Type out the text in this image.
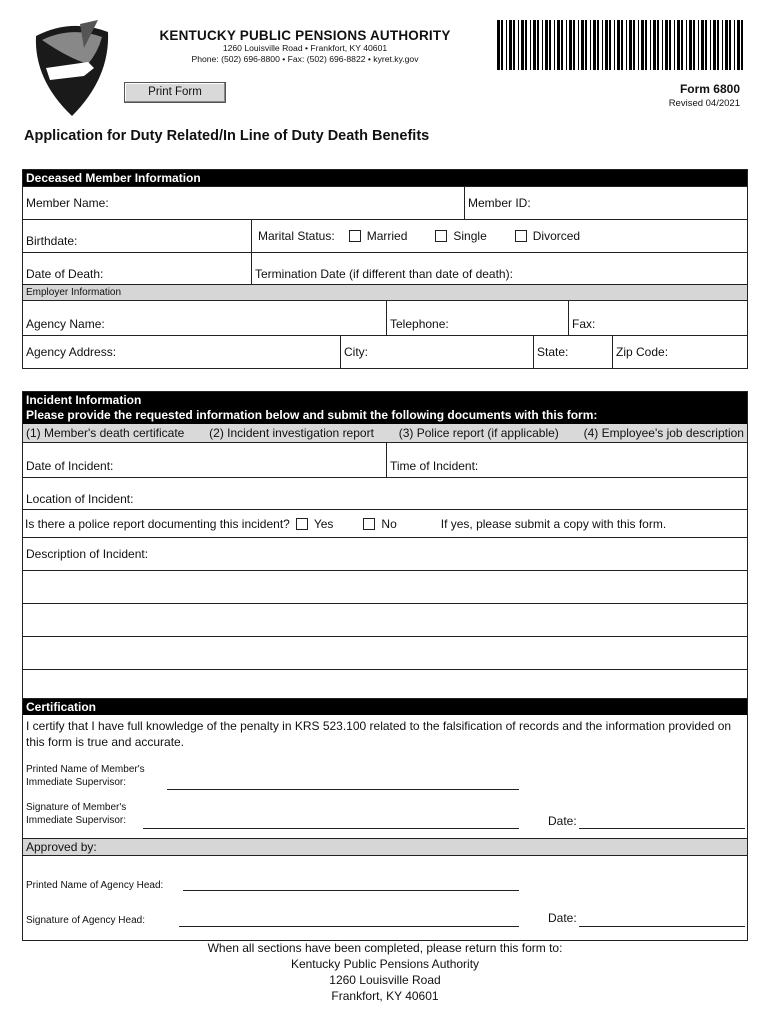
KENTUCKY PUBLIC PENSIONS AUTHORITY
1260 Louisville Road • Frankfort, KY 40601
Phone: (502) 696-8800 • Fax: (502) 696-8822 • kyret.ky.gov
Print Form	Form 6800
Revised 04/2021
Application for Duty Related/In Line of Duty Death Benefits
Deceased Member Information
Member Name:	Member ID:
Birthdate:	Marital Status:	Married	Single	Divorced
Date of Death:	Termination Date (if different than date of death):
Employer Information
Agency Name:	Telephone:	Fax:
Agency Address:	City:	State:	Zip Code:
Incident Information
Please provide the requested information below and submit the following documents with this form:
(1) Member's death certificate (2) Incident investigation report (3) Police report (if applicable) (4) Employee's job description
Date of Incident:	Time of Incident:
Location of Incident:
Is there a police report documenting this incident? Yes	No	If yes, please submit a copy with this form.
Description of Incident:
Certification
I certify that I have full knowledge of the penalty in KRS 523.100 related to the falsification of records and the information provided on this form is true and accurate.
Printed Name of Member's
Immediate Supervisor:
Signature of Member's
Immediate Supervisor:	Date:
Approved by:
Printed Name of Agency Head:
Signature of Agency Head:	Date:
When all sections have been completed, please return this form to:
Kentucky Public Pensions Authority
1260 Louisville Road
Frankfort, KY 40601
